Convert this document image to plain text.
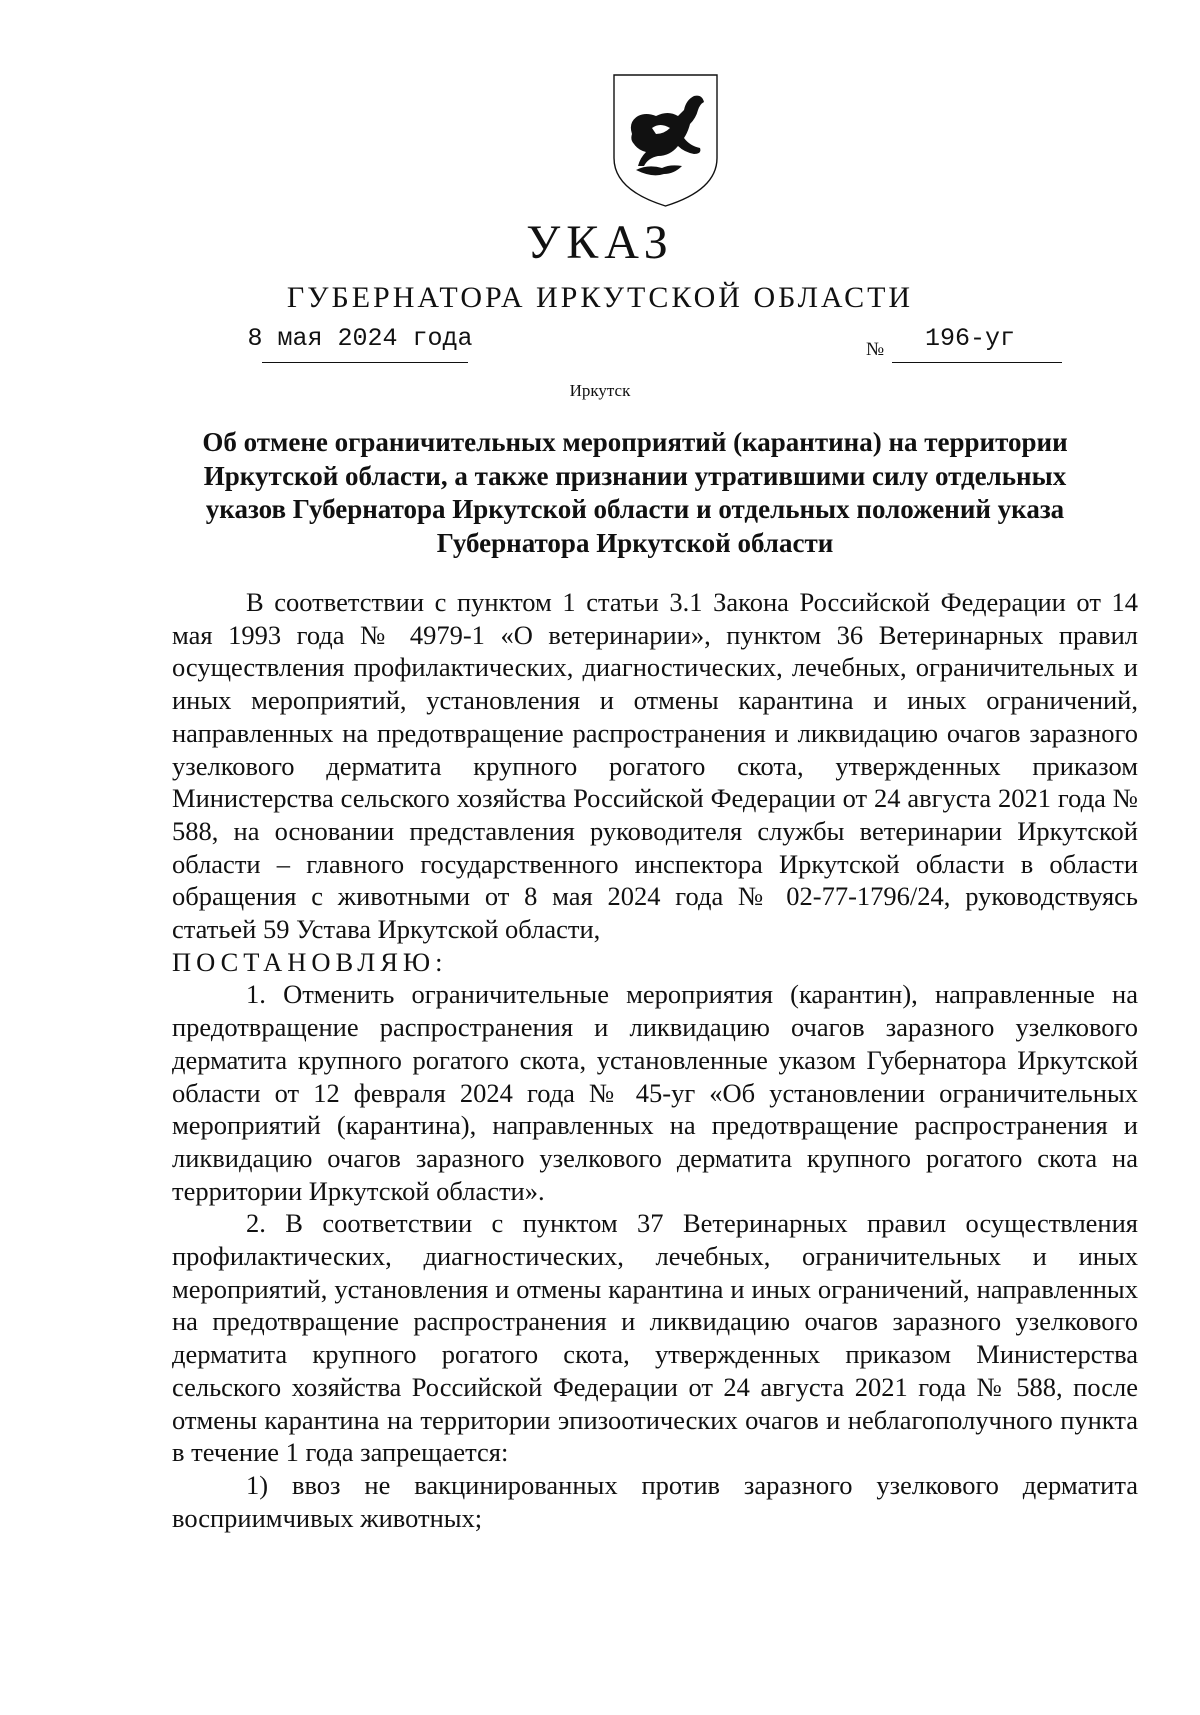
УКАЗ
ГУБЕРНАТОРА ИРКУТСКОЙ ОБЛАСТИ
8 мая 2024 года	№	196-уг
Иркутск
Об отмене ограничительных мероприятий (карантина) на территории Иркутской области, а также признании утратившими силу отдельных указов Губернатора Иркутской области и отдельных положений указа Губернатора Иркутской области

В соответствии с пунктом 1 статьи 3.1 Закона Российской Федерации от 14 мая 1993 года № 4979-1 «О ветеринарии», пунктом 36 Ветеринарных правил осуществления профилактических, диагностических, лечебных, ограничительных и иных мероприятий, установления и отмены карантина и иных ограничений, направленных на предотвращение распространения и ликвидацию очагов заразного узелкового дерматита крупного рогатого скота, утвержденных приказом Министерства сельского хозяйства Российской Федерации от 24 августа 2021 года № 588, на основании представления руководителя службы ветеринарии Иркутской области – главного государственного инспектора Иркутской области в области обращения с животными от 8 мая 2024 года № 02-77-1796/24, руководствуясь статьей 59 Устава Иркутской области,

ПОСТАНОВЛЯЮ:

1. Отменить ограничительные мероприятия (карантин), направленные на предотвращение распространения и ликвидацию очагов заразного узелкового дерматита крупного рогатого скота, установленные указом Губернатора Иркутской области от 12 февраля 2024 года № 45-уг «Об установлении ограничительных мероприятий (карантина), направленных на предотвращение распространения и ликвидацию очагов заразного узелкового дерматита крупного рогатого скота на территории Иркутской области».

2. В соответствии с пунктом 37 Ветеринарных правил осуществления профилактических, диагностических, лечебных, ограничительных и иных мероприятий, установления и отмены карантина и иных ограничений, направленных на предотвращение распространения и ликвидацию очагов заразного узелкового дерматита крупного рогатого скота, утвержденных приказом Министерства сельского хозяйства Российской Федерации от 24 августа 2021 года № 588, после отмены карантина на территории эпизоотических очагов и неблагополучного пункта в течение 1 года запрещается:

1) ввоз не вакцинированных против заразного узелкового дерматита восприимчивых животных;
